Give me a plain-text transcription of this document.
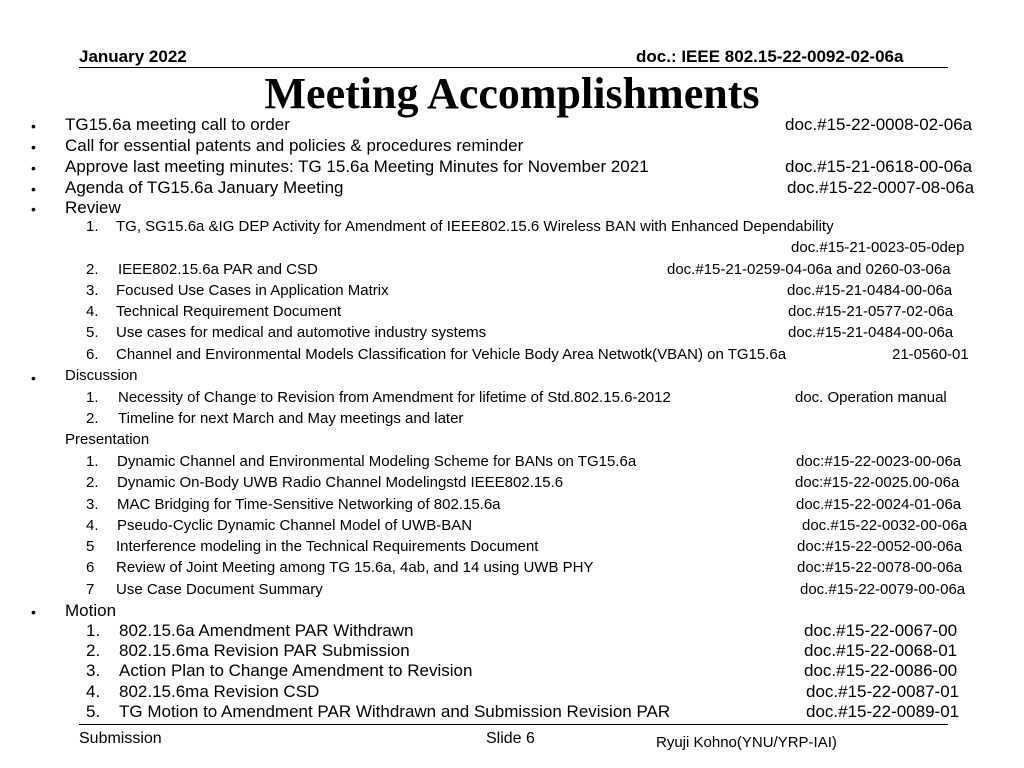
January 2022	doc.: IEEE 802.15-22-0092-02-06a
Meeting Accomplishments
• TG15.6a meeting call to order	doc.#15-22-0008-02-06a
• Call for essential patents and policies & procedures reminder
• Approve last meeting minutes: TG 15.6a Meeting Minutes for November 2021	doc.#15-21-0618-00-06a
• Agenda of TG15.6a January Meeting	doc.#15-22-0007-08-06a
• Review
1. TG, SG15.6a &IG DEP Activity for Amendment of IEEE802.15.6 Wireless BAN with Enhanced Dependability
doc.#15-21-0023-05-0dep
2. IEEE802.15.6a PAR and CSD	doc.#15-21-0259-04-06a and 0260-03-06a
3. Focused Use Cases in Application Matrix	doc.#15-21-0484-00-06a
4. Technical Requirement Document	doc.#15-21-0577-02-06a
5. Use cases for medical and automotive industry systems	doc.#15-21-0484-00-06a
6. Channel and Environmental Models Classification for Vehicle Body Area Netwotk(VBAN) on TG15.6a	21-0560-01
• Discussion
1. Necessity of Change to Revision from Amendment for lifetime of Std.802.15.6-2012	doc. Operation manual
2. Timeline for next March and May meetings and later
Presentation
1. Dynamic Channel and Environmental Modeling Scheme for BANs on TG15.6a	doc:#15-22-0023-00-06a
2. Dynamic On-Body UWB Radio Channel Modelingstd IEEE802.15.6	doc:#15-22-0025.00-06a
3. MAC Bridging for Time-Sensitive Networking of 802.15.6a	doc.#15-22-0024-01-06a
4. Pseudo-Cyclic Dynamic Channel Model of UWB-BAN	doc.#15-22-0032-00-06a
5 Interference modeling in the Technical Requirements Document	doc:#15-22-0052-00-06a
6 Review of Joint Meeting among TG 15.6a, 4ab, and 14 using UWB PHY	doc:#15-22-0078-00-06a
7 Use Case Document Summary	doc.#15-22-0079-00-06a
• Motion
1. 802.15.6a Amendment PAR Withdrawn	doc.#15-22-0067-00
2. 802.15.6ma Revision PAR Submission	doc.#15-22-0068-01
3. Action Plan to Change Amendment to Revision	doc.#15-22-0086-00
4. 802.15.6ma Revision CSD	doc.#15-22-0087-01
5. TG Motion to Amendment PAR Withdrawn and Submission Revision PAR	doc.#15-22-0089-01
Submission	Slide 6	Ryuji Kohno(YNU/YRP-IAI)
